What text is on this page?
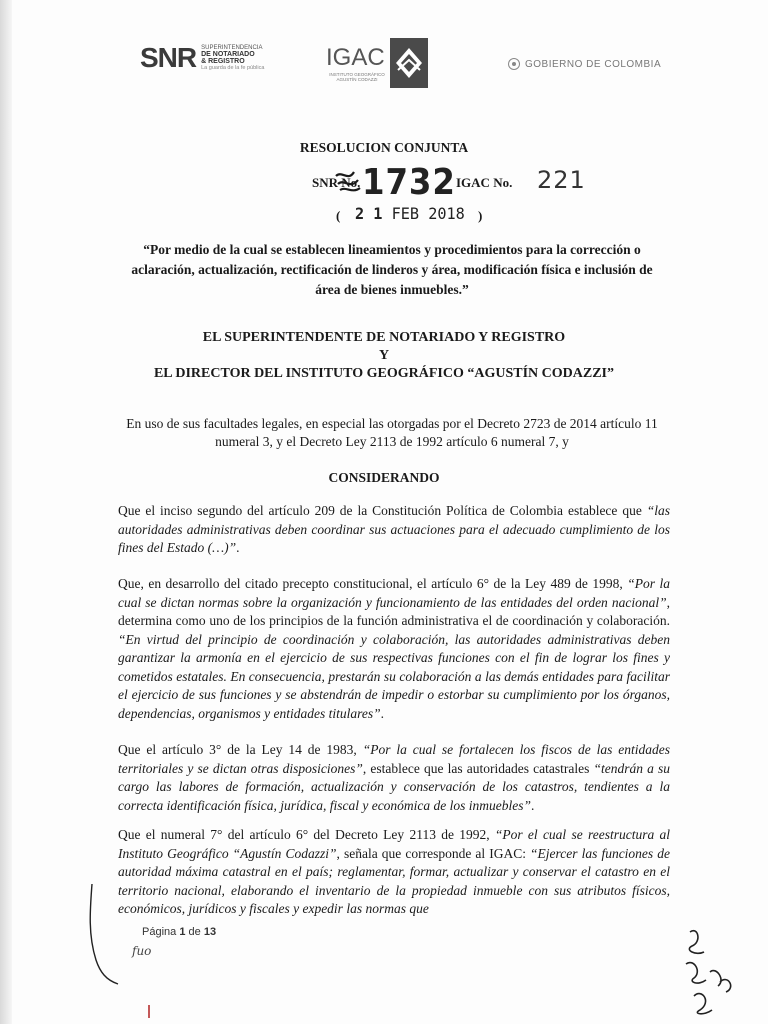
SNR SUPERINTENDENCIA
DE NOTARIADO
& REGISTRO
La guarda de la fe pública	IGAC
INSTITUTO GEOGRÁFICO
AGUSTÍN CODAZZI
GOBIERNO DE COLOMBIA
RESOLUCION CONJUNTA
SNR No. 1732 IGAC No. 221
( 2 1 FEB 2018 )
“Por medio de la cual se establecen lineamientos y procedimientos para la corrección o aclaración, actualización, rectificación de linderos y área, modificación física e inclusión de área de bienes inmuebles.”
EL SUPERINTENDENTE DE NOTARIADO Y REGISTRO
Y
EL DIRECTOR DEL INSTITUTO GEOGRÁFICO “AGUSTÍN CODAZZI”
En uso de sus facultades legales, en especial las otorgadas por el Decreto 2723 de 2014 artículo 11 numeral 3, y el Decreto Ley 2113 de 1992 artículo 6 numeral 7, y
CONSIDERANDO
Que el inciso segundo del artículo 209 de la Constitución Política de Colombia establece que “las autoridades administrativas deben coordinar sus actuaciones para el adecuado cumplimiento de los fines del Estado (…)”.
Que, en desarrollo del citado precepto constitucional, el artículo 6° de la Ley 489 de 1998, “Por la cual se dictan normas sobre la organización y funcionamiento de las entidades del orden nacional”, determina como uno de los principios de la función administrativa el de coordinación y colaboración. “En virtud del principio de coordinación y colaboración, las autoridades administrativas deben garantizar la armonía en el ejercicio de sus respectivas funciones con el fin de lograr los fines y cometidos estatales. En consecuencia, prestarán su colaboración a las demás entidades para facilitar el ejercicio de sus funciones y se abstendrán de impedir o estorbar su cumplimiento por los órganos, dependencias, organismos y entidades titulares”.
Que el artículo 3° de la Ley 14 de 1983, “Por la cual se fortalecen los fiscos de las entidades territoriales y se dictan otras disposiciones”, establece que las autoridades catastrales “tendrán a su cargo las labores de formación, actualización y conservación de los catastros, tendientes a la correcta identificación física, jurídica, fiscal y económica de los inmuebles”.
Que el numeral 7° del artículo 6° del Decreto Ley 2113 de 1992, “Por el cual se reestructura al Instituto Geográfico “Agustín Codazzi”, señala que corresponde al IGAC: “Ejercer las funciones de autoridad máxima catastral en el país; reglamentar, formar, actualizar y conservar el catastro en el territorio nacional, elaborando el inventario de la propiedad inmueble con sus atributos físicos, económicos, jurídicos y fiscales y expedir las normas que
Página 1 de 13
fuo
